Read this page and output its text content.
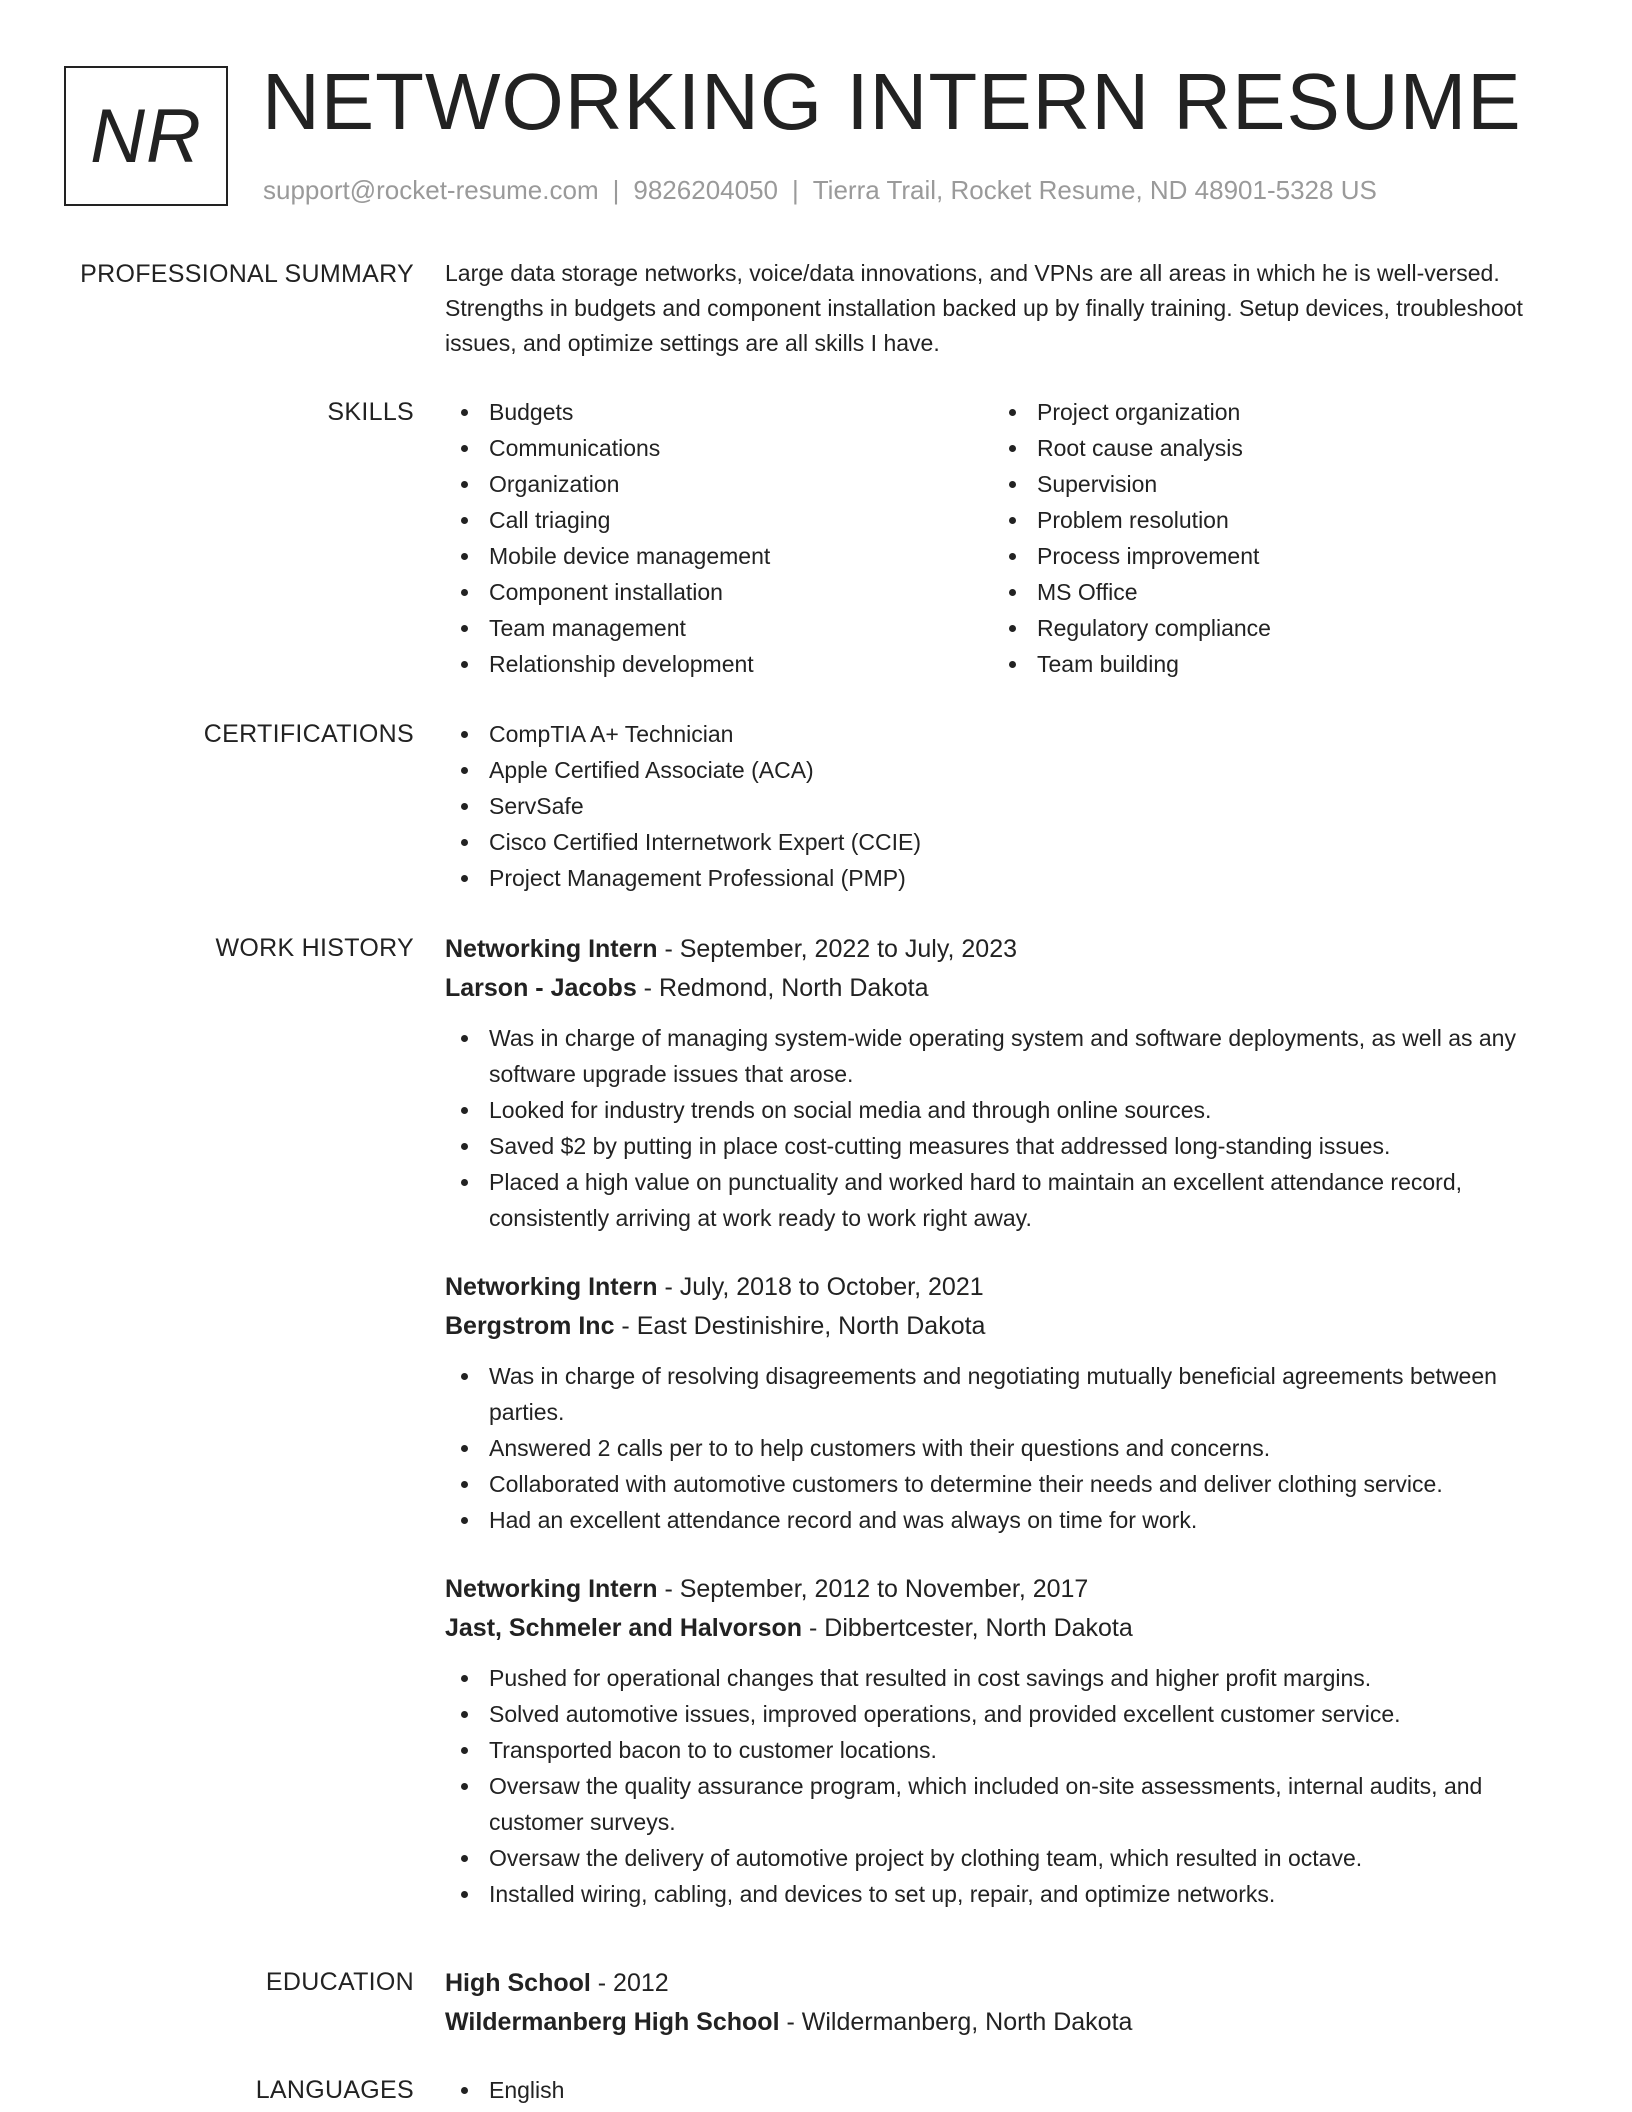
NR NETWORKING INTERN RESUME
support@rocket-resume.com | 9826204050 | Tierra Trail, Rocket Resume, ND 48901-5328 US
PROFESSIONAL SUMMARY Large data storage networks, voice/data innovations, and VPNs are all areas in which he is well-versed. Strengths in budgets and component installation backed up by finally training. Setup devices, troubleshoot issues, and optimize settings are all skills I have.

SKILLS	Budgets
Communications
Organization
Call triaging
Mobile device management
Component installation
Team management
Relationship development
Project organization
Root cause analysis
Supervision
Problem resolution
Process improvement
MS Office
Regulatory compliance
Team building
CERTIFICATIONS	CompTIA A+ Technician
Apple Certified Associate (ACA)
ServSafe
Cisco Certified Internetwork Expert (CCIE)
Project Management Professional (PMP)
WORK HISTORY Networking Intern - September, 2022 to July, 2023
Larson - Jacobs - Redmond, North Dakota
Was in charge of managing system-wide operating system and software deployments, as well as any software upgrade issues that arose.
Looked for industry trends on social media and through online sources.
Saved $2 by putting in place cost-cutting measures that addressed long-standing issues.
Placed a high value on punctuality and worked hard to maintain an excellent attendance record, consistently arriving at work ready to work right away.
Networking Intern - July, 2018 to October, 2021
Bergstrom Inc - East Destinishire, North Dakota
Was in charge of resolving disagreements and negotiating mutually beneficial agreements between parties.
Answered 2 calls per to to help customers with their questions and concerns.
Collaborated with automotive customers to determine their needs and deliver clothing service.
Had an excellent attendance record and was always on time for work.
Networking Intern - September, 2012 to November, 2017
Jast, Schmeler and Halvorson - Dibbertcester, North Dakota
Pushed for operational changes that resulted in cost savings and higher profit margins.
Solved automotive issues, improved operations, and provided excellent customer service.
Transported bacon to to customer locations.
Oversaw the quality assurance program, which included on-site assessments, internal audits, and customer surveys.
Oversaw the delivery of automotive project by clothing team, which resulted in octave.
Installed wiring, cabling, and devices to set up, repair, and optimize networks.
EDUCATION High School - 2012
Wildermanberg High School - Wildermanberg, North Dakota
LANGUAGES	English
